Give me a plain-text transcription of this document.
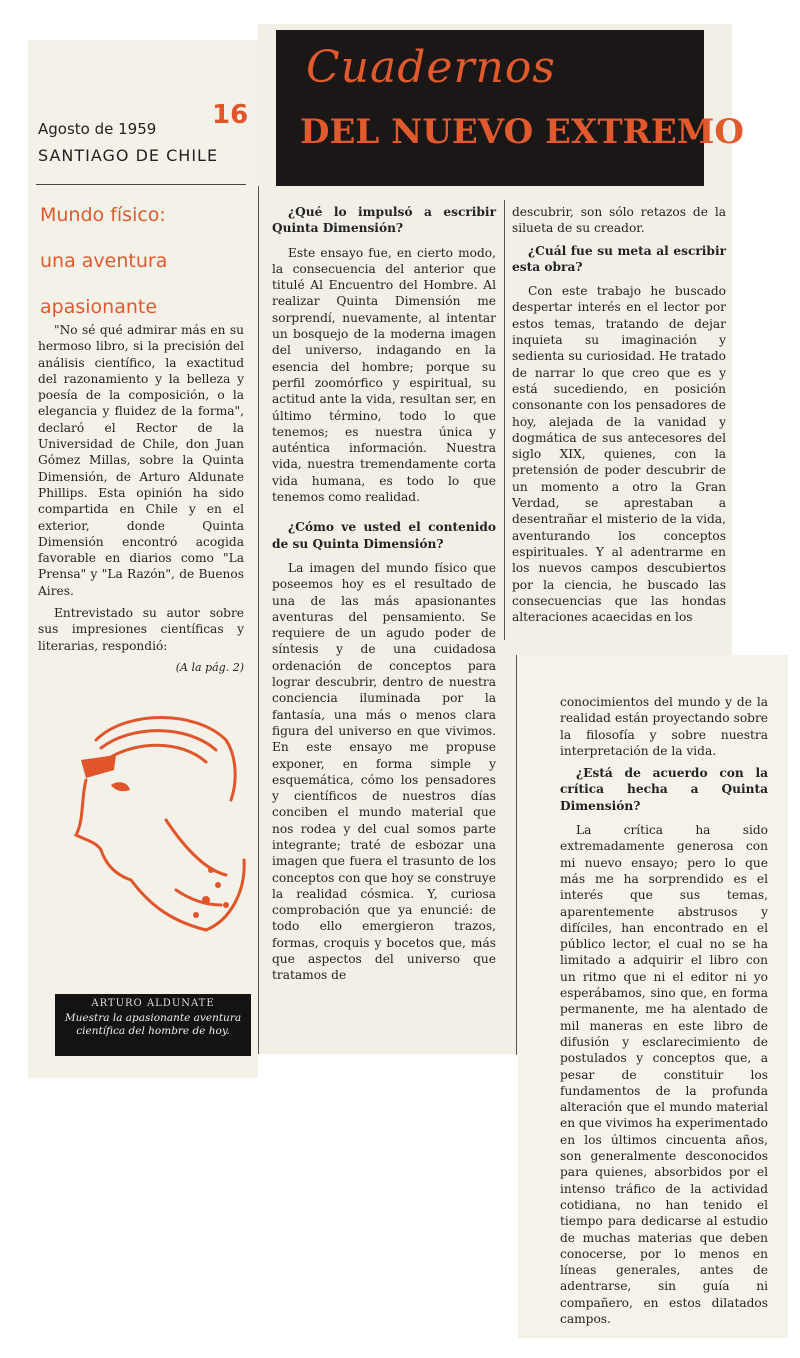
Agosto de 1959 16
SANTIAGO DE CHILE
Cuadernos
DEL NUEVO EXTREMO
Mundo físico:
una aventura
apasionante

"No sé qué admirar más en su hermoso libro, si la precisión del análisis científico, la exactitud del razonamiento y la belleza y poesía de la composición, o la elegancia y fluidez de la forma", declaró el Rector de la Universidad de Chile, don Juan Gómez Millas, sobre la Quinta Dimensión, de Arturo Aldunate Phillips. Esta opinión ha sido compartida en Chile y en el exterior, donde Quinta Dimensión encontró acogida favorable en diarios como "La Prensa" y "La Razón", de Buenos Aires.

Entrevistado su autor sobre sus impresiones científicas y literarias, respondió:

(A la pág. 2)

ARTURO ALDUNATE
Muestra la apasionante aventura científica del hombre de hoy.

¿Qué lo impulsó a escribir Quinta Dimensión?

Este ensayo fue, en cierto modo, la consecuencia del anterior que titulé Al Encuentro del Hombre. Al realizar Quinta Dimensión me sorprendí, nuevamente, al intentar un bosquejo de la moderna imagen del universo, indagando en la esencia del hombre; porque su perfil zoomórfico y espiritual, su actitud ante la vida, resultan ser, en último término, todo lo que tenemos; es nuestra única y auténtica información. Nuestra vida, nuestra tremendamente corta vida humana, es todo lo que tenemos como realidad.

¿Cómo ve usted el contenido de su Quinta Dimensión?

La imagen del mundo físico que poseemos hoy es el resultado de una de las más apasionantes aventuras del pensamiento. Se requiere de un agudo poder de síntesis y de una cuidadosa ordenación de conceptos para lograr descubrir, dentro de nuestra conciencia iluminada por la fantasía, una más o menos clara figura del universo en que vivimos. En este ensayo me propuse exponer, en forma simple y esquemática, cómo los pensadores y científicos de nuestros días conciben el mundo material que nos rodea y del cual somos parte integrante; traté de esbozar una imagen que fuera el trasunto de los conceptos con que hoy se construye la realidad cósmica. Y, curiosa comprobación que ya enuncié: de todo ello emergieron trazos, formas, croquis y bocetos que, más que aspectos del universo que tratamos de

descubrir, son sólo retazos de la silueta de su creador.

¿Cuál fue su meta al escribir esta obra?

Con este trabajo he buscado despertar interés en el lector por estos temas, tratando de dejar inquieta su imaginación y sedienta su curiosidad. He tratado de narrar lo que creo que es y está sucediendo, en posición consonante con los pensadores de hoy, alejada de la vanidad y dogmática de sus antecesores del siglo XIX, quienes, con la pretensión de poder descubrir de un momento a otro la Gran Verdad, se aprestaban a desentrañar el misterio de la vida, aventurando los conceptos espirituales. Y al adentrarme en los nuevos campos descubiertos por la ciencia, he buscado las consecuencias que las hondas alteraciones acaecidas en los

conocimientos del mundo y de la realidad están proyectando sobre la filosofía y sobre nuestra interpretación de la vida.

¿Está de acuerdo con la crítica hecha a Quinta Dimensión?

La crítica ha sido extremadamente generosa con mi nuevo ensayo; pero lo que más me ha sorprendido es el interés que sus temas, aparentemente abstrusos y difíciles, han encontrado en el público lector, el cual no se ha limitado a adquirir el libro con un ritmo que ni el editor ni yo esperábamos, sino que, en forma permanente, me ha alentado de mil maneras en este libro de difusión y esclarecimiento de postulados y conceptos que, a pesar de constituir los fundamentos de la profunda alteración que el mundo material en que vivimos ha experimentado en los últimos cincuenta años, son generalmente desconocidos para quienes, absorbidos por el intenso tráfico de la actividad cotidiana, no han tenido el tiempo para dedicarse al estudio de muchas materias que deben conocerse, por lo menos en líneas generales, antes de adentrarse, sin guía ni compañero, en estos dilatados campos.
